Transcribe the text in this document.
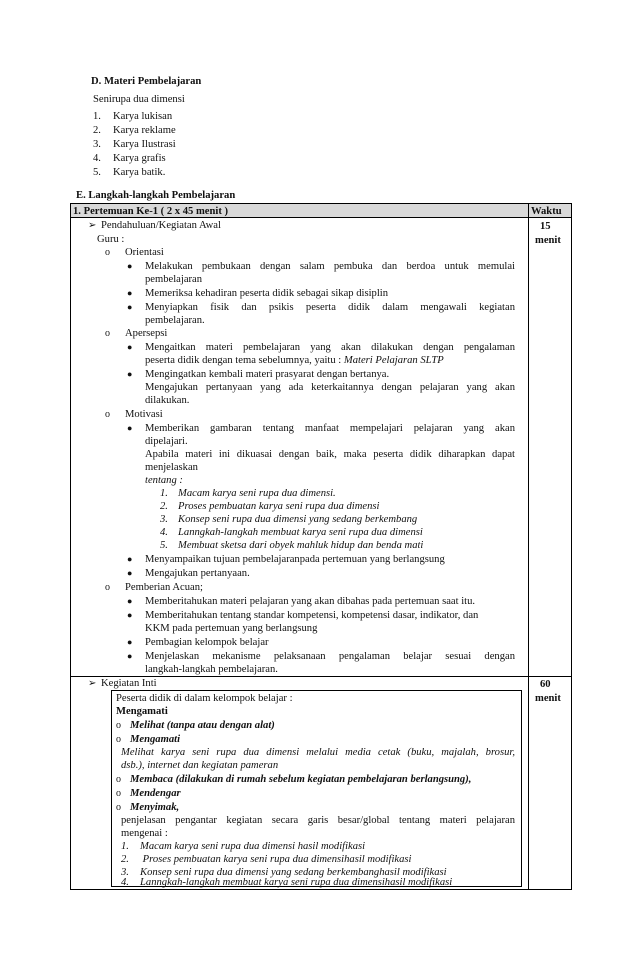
D. Materi Pembelajaran
Senirupa dua dimensi
1. Karya lukisan
2. Karya reklame
3. Karya Ilustrasi
4. Karya grafis
5. Karya batik.
E. Langkah-langkah Pembelajaran
1. Pertemuan Ke-1 ( 2 x 45 menit )	Waktu
15
menit
60
menit
➢ Pendahuluan/Kegiatan Awal
Guru :
o Orientasi
● Melakukan pembukaan dengan salam pembuka dan berdoa untuk memulai
pembelajaran
● Memeriksa kehadiran peserta didik sebagai sikap disiplin
● Menyiapkan fisik dan psikis peserta didik dalam mengawali kegiatan
pembelajaran.
o Apersepsi
● Mengaitkan materi pembelajaran yang akan dilakukan dengan pengalaman
peserta didik dengan tema sebelumnya, yaitu : Materi Pelajaran SLTP
● Mengingatkan kembali materi prasyarat dengan bertanya.
Mengajukan pertanyaan yang ada keterkaitannya dengan pelajaran yang akan
dilakukan.
o Motivasi
● Memberikan gambaran tentang manfaat mempelajari pelajaran yang akan
dipelajari.
Apabila materi ini dikuasai dengan baik, maka peserta didik diharapkan dapat
menjelaskan
tentang :
1. Macam karya seni rupa dua dimensi.
2. Proses pembuatan karya seni rupa dua dimensi
3. Konsep seni rupa dua dimensi yang sedang berkembang
4. Lanngkah-langkah membuat karya seni rupa dua dimensi
5. Membuat sketsa dari obyek mahluk hidup dan benda mati
● Menyampaikan tujuan pembelajaranpada pertemuan yang berlangsung
● Mengajukan pertanyaan.
o Pemberian Acuan;
● Memberitahukan materi pelajaran yang akan dibahas pada pertemuan saat itu.
● Memberitahukan tentang standar kompetensi, kompetensi dasar, indikator, dan
KKM pada pertemuan yang berlangsung
● Pembagian kelompok belajar
● Menjelaskan mekanisme pelaksanaan pengalaman belajar sesuai dengan
langkah-langkah pembelajaran.
➢ Kegiatan Inti
Peserta didik di dalam kelompok belajar :
Mengamati
o Melihat (tanpa atau dengan alat)
o Mengamati
Melihat karya seni rupa dua dimensi melalui media cetak (buku, majalah, brosur,
dsb.), internet dan kegiatan pameran
o Membaca (dilakukan di rumah sebelum kegiatan pembelajaran berlangsung),
o Mendengar
o Menyimak,
penjelasan pengantar kegiatan secara garis besar/global tentang materi pelajaran
mengenai :
1. Macam karya seni rupa dua dimensi hasil modifikasi
2. Proses pembuatan karya seni rupa dua dimensihasil modifikasi
3. Konsep seni rupa dua dimensi yang sedang berkembanghasil modifikasi
4. Lanngkah-langkah membuat karya seni rupa dua dimensihasil modifikasi
